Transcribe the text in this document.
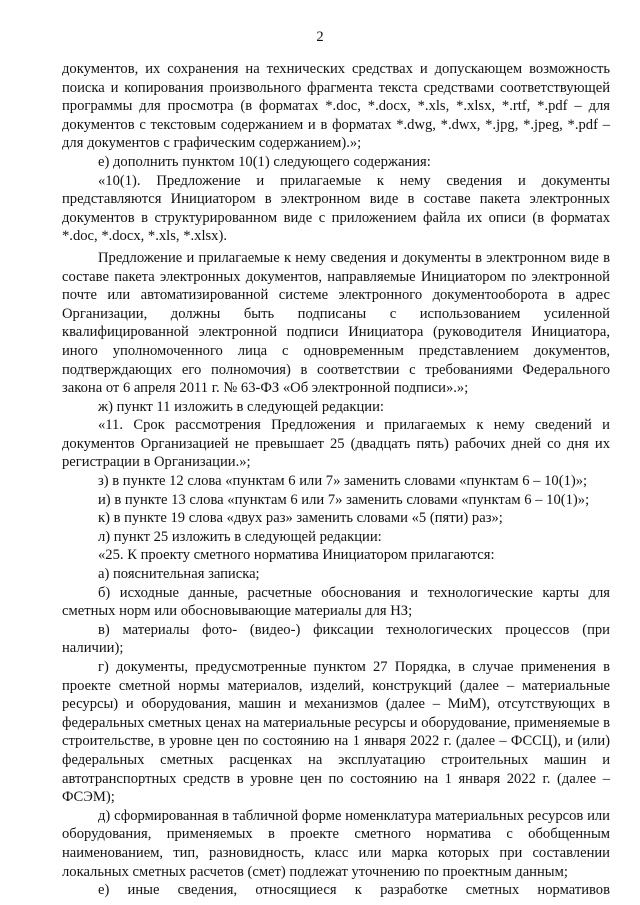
2

документов, их сохранения на технических средствах и допускающем возможность поиска и копирования произвольного фрагмента текста средствами соответствующей программы для просмотра (в форматах *.doc, *.docx, *.xls, *.xlsx, *.rtf, *.pdf – для документов с текстовым содержанием и в форматах *.dwg, *.dwx, *.jpg, *.jpeg, *.pdf – для документов с графическим содержанием).»;

е) дополнить пунктом 10(1) следующего содержания:

«10(1). Предложение и прилагаемые к нему сведения и документы представляются Инициатором в электронном виде в составе пакета электронных документов в структурированном виде с приложением файла их описи (в форматах *.doc, *.docx, *.xls, *.xlsx).

Предложение и прилагаемые к нему сведения и документы в электронном виде в составе пакета электронных документов, направляемые Инициатором по электронной почте или автоматизированной системе электронного документооборота в адрес Организации, должны быть подписаны с использованием усиленной квалифицированной электронной подписи Инициатора (руководителя Инициатора, иного уполномоченного лица с одновременным представлением документов, подтверждающих его полномочия) в соответствии с требованиями Федерального закона от 6 апреля 2011 г. № 63-ФЗ «Об электронной подписи».»;

ж) пункт 11 изложить в следующей редакции:

«11. Срок рассмотрения Предложения и прилагаемых к нему сведений и документов Организацией не превышает 25 (двадцать пять) рабочих дней со дня их регистрации в Организации.»;

з) в пункте 12 слова «пунктам 6 или 7» заменить словами «пунктам 6 – 10(1)»;

и) в пункте 13 слова «пунктам 6 или 7» заменить словами «пунктам 6 – 10(1)»;

к) в пункте 19 слова «двух раз» заменить словами «5 (пяти) раз»;

л) пункт 25 изложить в следующей редакции:

«25. К проекту сметного норматива Инициатором прилагаются:

а) пояснительная записка;

б) исходные данные, расчетные обоснования и технологические карты для сметных норм или обосновывающие материалы для НЗ;

в) материалы фото- (видео-) фиксации технологических процессов (при наличии);

г) документы, предусмотренные пунктом 27 Порядка, в случае применения в проекте сметной нормы материалов, изделий, конструкций (далее – материальные ресурсы) и оборудования, машин и механизмов (далее – МиМ), отсутствующих в федеральных сметных ценах на материальные ресурсы и оборудование, применяемые в строительстве, в уровне цен по состоянию на 1 января 2022 г. (далее – ФССЦ), и (или) федеральных сметных расценках на эксплуатацию строительных машин и автотранспортных средств в уровне цен по состоянию на 1 января 2022 г. (далее – ФСЭМ);

д) сформированная в табличной форме номенклатура материальных ресурсов или оборудования, применяемых в проекте сметного норматива с обобщенным наименованием, тип, разновидность, класс или марка которых при составлении локальных сметных расчетов (смет) подлежат уточнению по проектным данным;

е) иные сведения, относящиеся к разработке сметных нормативов
